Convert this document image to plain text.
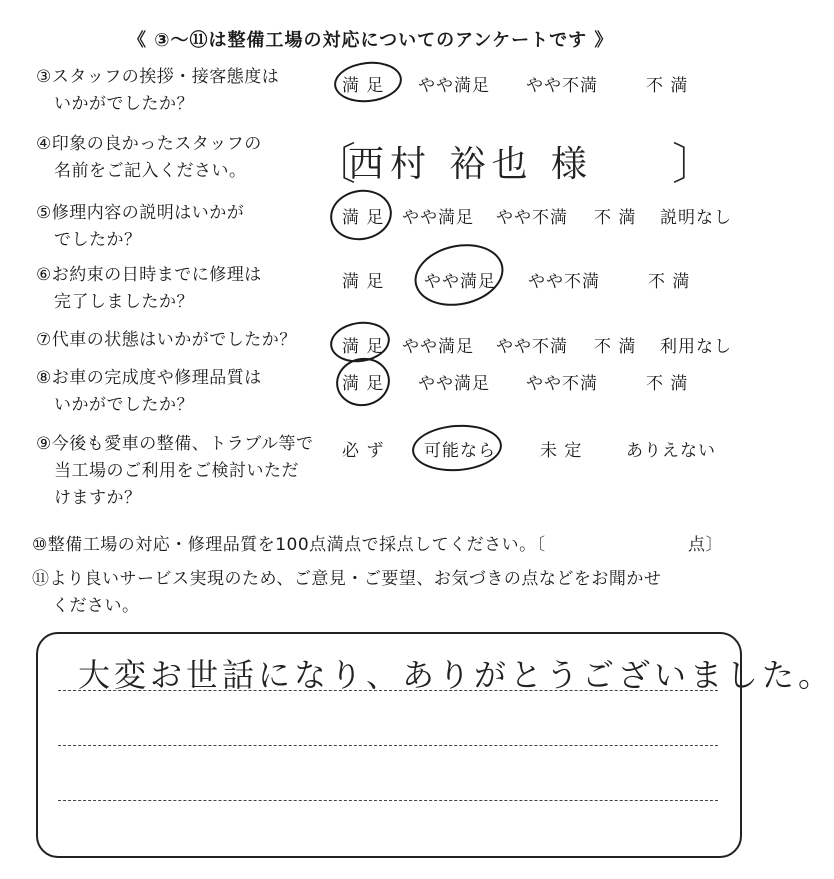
《 ③〜⑪は整備工場の対応についてのアンケートです 》
③スタッフの挨拶・接客態度は
いかがでしたか？
満 足 やや満足 やや不満	不 満
④印象の良かったスタッフの
名前をご記入ください。	〔	〕
西村 裕也 様
⑤修理内容の説明はいかが
でしたか？
満 足 やや満足 やや不満 不 満 説明なし
⑥お約束の日時までに修理は
完了しましたか？
満 足 やや満足 やや不満	不 満
⑦代車の状態はいかがでしたか？	満 足 やや満足 やや不満 不 満 利用なし
⑧お車の完成度や修理品質は
いかがでしたか？
満 足 やや満足 やや不満	不 満
⑨今後も愛車の整備、トラブル等で
当工場のご利用をご検討いただ
けますか？
必 ず 可能なら	未 定	ありえない
⑩整備工場の対応・修理品質を100点満点で採点してください。〔	点〕
⑪より良いサービス実現のため、ご意見・ご要望、お気づきの点などをお聞かせ
ください。
大変お世話になり、ありがとうございました。
